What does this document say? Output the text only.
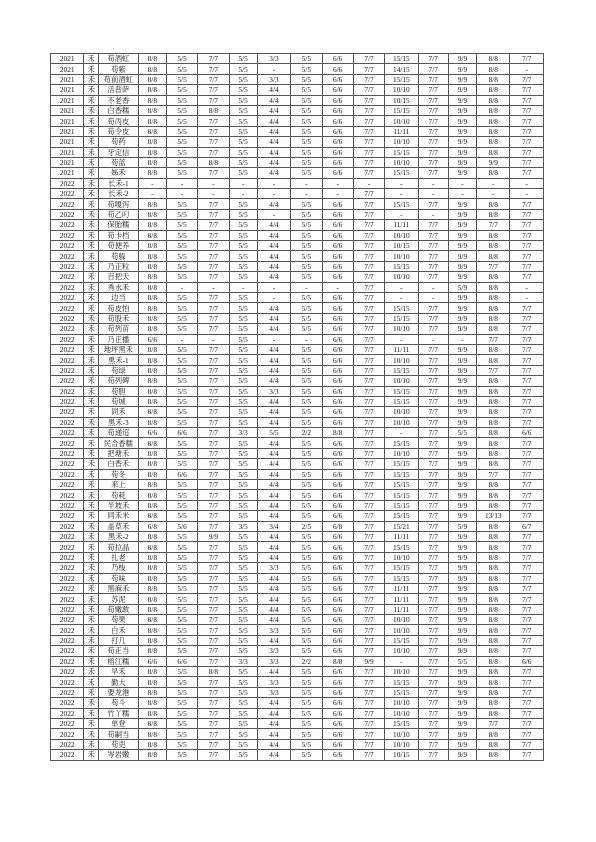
2021	禾	苟酒虹	8/8	5/5	7/7	5/5	3/3	5/5	6/6	7/7	15/15	7/7	9/9	8/8	7/7
2021	禾	苟紫	8/8	5/5	7/7	5/5	-	5/5	6/6	7/7	14/15	7/7	9/9	8/8	-
2021	禾	苟前酒虹	8/8	5/5	7/7	5/5	3/3	5/5	6/6	7/7	15/15	7/7	9/9	8/8	7/7
2021	禾	活普萨	8/8	5/5	7/7	5/5	4/4	5/5	6/6	7/7	10/10	7/7	9/9	8/8	7/7
2021	禾	不老香	8/8	5/5	7/7	5/5	4/4	5/5	6/6	7/7	10/15	7/7	9/9	8/8	7/7
2021	禾	白香糯	8/8	5/5	8/8	5/5	4/4	5/5	6/6	7/7	15/15	7/7	9/9	8/8	7/7
2021	禾	苟丙皮	8/8	5/5	7/7	5/5	4/4	5/5	6/6	7/7	10/10	7/7	9/9	8/8	7/7
2021	禾	苟令皮	8/8	5/5	7/7	5/5	4/4	5/5	6/6	7/7	11/11	7/7	9/9	8/8	7/7
2021	禾	苟药	8/8	5/5	7/7	5/5	4/4	5/5	6/6	7/7	10/10	7/7	9/9	8/8	7/7
2021	禾	牙定信	8/8	5/5	7/7	5/5	4/4	5/5	6/6	7/7	15/15	7/7	9/9	8/8	7/7
2021	禾	苟蓝	8/8	5/5	8/8	5/5	4/4	5/5	6/6	7/7	10/10	7/7	9/9	9/9	7/7
2021	禾	姊禾	8/8	5/5	7/7	5/5	4/4	5/5	6/6	7/7	15/15	7/7	9/9	8/8	7/7
2022	禾	长禾-1	-	-	-	-	-	-	-	-	-	-	-	-	-
2022	禾	长禾-2	-	-	-	-	-	-	-	7/7	-	-	-	-	-
2022	禾	苟嗄泻	8/8	5/5	7/7	5/5	4/4	5/5	6/6	7/7	15/15	7/7	9/9	8/8	7/7
2022	禾	苟乙叼	8/8	5/5	7/7	5/5	-	5/5	6/6	7/7	-	-	9/9	8/8	7/7
2022	禾	保胎糯	8/8	5/5	7/7	5/5	4/4	5/5	6/6	7/7	11/11	7/7	9/9	7/7	7/7
2022	禾	苟卡档	8/8	5/5	7/7	5/5	4/4	5/5	6/6	7/7	10/10	7/7	9/9	8/8	7/7
2022	禾	苟便养	8/8	5/5	7/7	5/5	4/4	5/5	6/6	7/7	10/15	7/7	9/9	8/8	7/7
2022	禾	苟躲	8/8	5/5	7/7	5/5	4/4	5/5	6/6	7/7	10/10	7/7	9/9	8/8	7/7
2022	禾	乃正粒	8/8	5/5	7/7	5/5	4/4	5/5	6/6	7/7	15/15	7/7	9/9	7/7	7/7
2022	禾	百把天	8/8	5/5	7/7	5/5	4/4	5/5	6/6	7/7	10/10	7/7	9/9	8/8	7/7
2022	禾	秀水禾	8/8	-	-	-	-	-	-	7/7	-	-	5/9	8/8	-
2022	禾	边当	8/8	5/5	7/7	5/5	-	5/5	6/6	7/7	-	-	9/9	8/8	-
2022	禾	苟皮怕	8/8	5/5	7/7	5/5	4/4	5/5	6/6	7/7	15/15	7/7	9/9	8/8	7/7
2022	禾	苟股禾	8/8	5/5	7/7	5/5	4/4	5/5	6/6	7/7	15/15	7/7	9/9	8/8	7/7
2022	禾	苟列苗	8/8	5/5	7/7	5/5	4/4	5/5	6/6	7/7	10/10	7/7	9/9	8/8	7/7
2022	禾	乃正播	6/6	-	-	5/5	-	-	6/6	7/7	-	-	-	7/7	7/7
2022	禾	地坪黑禾	8/8	5/5	7/7	5/5	4/4	5/5	6/6	7/7	11/11	7/7	9/9	8/8	7/7
2022	禾	黑禾-1	8/8	5/5	7/7	5/5	4/4	5/5	6/6	7/7	10/10	7/7	9/9	8/8	7/7
2022	禾	苟绿	8/8	5/5	7/7	5/5	4/4	5/5	6/6	7/7	15/15	7/7	9/9	7/7	7/7
2022	禾	苟列碑	8/8	5/5	7/7	5/5	4/4	5/5	6/6	7/7	10/10	7/7	9/9	8/8	7/7
2022	禾	苟胆	8/8	5/5	7/7	5/5	3/3	5/5	6/6	7/7	15/15	7/7	9/9	8/8	7/7
2022	禾	苟城	8/8	5/5	7/7	5/5	4/4	5/5	6/6	7/7	15/15	7/7	9/9	8/8	7/7
2022	禾	同禾	8/8	5/5	7/7	5/5	4/4	5/5	6/6	7/7	10/10	7/7	9/9	8/8	7/7
2022	禾	黑禾-3	8/8	5/5	7/7	5/5	4/4	5/5	6/6	7/7	10/10	7/7	9/9	8/8	7/7
2022	禾	苟递迢	6/6	6/6	7/7	3/3	5/5	2/2	8/8	7/7	-	7/7	5/5	8/8	6/6
2022	禾	民合香糯	8/8	5/5	7/7	5/5	4/4	5/5	6/6	7/7	15/15	7/7	9/9	8/8	7/7
2022	禾	把塘禾	8/8	5/5	7/7	5/5	4/4	5/5	6/6	7/7	10/10	7/7	9/9	8/8	7/7
2022	禾	白香禾	8/8	5/5	7/7	5/5	4/4	5/5	6/6	7/7	15/15	7/7	9/9	8/8	7/7
2022	禾	苟冬	8/8	6/6	7/7	5/5	4/4	5/5	6/6	7/7	15/15	7/7	9/9	7/7	7/7
2022	禾	来上	8/8	5/5	7/7	5/5	4/4	5/5	6/6	7/7	15/15	7/7	9/9	8/8	7/7
2022	禾	苟耗	8/8	5/5	7/7	5/5	4/4	5/5	6/6	7/7	15/15	7/7	9/9	8/8	7/7
2022	禾	半坡禾	8/8	5/5	7/7	5/5	4/4	5/5	6/6	7/7	15/15	7/7	9/9	8/8	7/7
2022	禾	同禾米	8/8	5/5	7/7	5/5	4/4	5/5	6/6	7/7	15/15	7/7	9/9	13/13	7/7
2022	禾	盖草禾	6/8	5/6	7/7	3/5	3/4	2/5	6/8	7/7	15/21	7/7	5/9	8/8	6/7
2022	禾	黑禾-2	8/8	5/5	9/9	5/5	4/4	5/5	6/6	7/7	11/11	7/7	9/9	8/8	7/7
2022	禾	苟拉晶	8/8	5/5	7/7	5/5	4/4	5/5	6/6	7/7	15/15	7/7	9/9	8/8	7/7
2022	禾	扎老	8/8	5/5	7/7	5/5	4/4	5/5	6/6	7/7	10/10	7/7	9/9	8/8	7/7
2022	禾	乃梭	8/8	5/5	7/7	5/5	3/3	5/5	6/6	7/7	15/15	7/7	9/9	8/8	7/7
2022	禾	苟味	8/8	5/5	7/7	5/5	4/4	5/5	6/6	7/7	15/15	7/7	9/9	8/8	7/7
2022	禾	黑麻禾	8/8	5/5	7/7	5/5	4/4	5/5	6/6	7/7	11/11	7/7	9/9	8/8	7/7
2022	禾	苏泥	8/8	5/5	7/7	5/5	4/4	5/5	6/6	7/7	11/11	7/7	9/9	8/8	7/7
2022	禾	苟嫩敢	8/8	5/5	7/7	5/5	4/4	5/5	6/6	7/7	11/11	7/7	9/9	8/8	7/7
2022	禾	苟果	8/8	5/5	7/7	5/5	4/4	5/5	6/6	7/7	10/10	7/7	9/9	8/8	7/7
2022	禾	白禾	8/8	5/5	7/7	5/5	3/3	5/5	6/6	7/7	10/10	7/7	9/9	8/8	7/7
2022	禾	打几	8/8	5/5	7/7	5/5	4/4	5/5	6/6	7/7	15/15	7/7	9/9	8/8	7/7
2022	禾	苟正当	8/8	5/5	7/7	5/5	3/3	5/5	6/6	7/7	10/10	7/7	9/9	8/8	7/7
2022	禾	榕江糯	6/6	6/6	7/7	3/3	3/3	2/2	8/8	9/9	-	7/7	5/5	8/8	6/6
2022	禾	旱禾	8/8	5/5	8/8	5/5	4/4	5/5	6/6	7/7	10/10	7/7	9/9	8/8	7/7
2022	禾	勤大	8/8	5/5	7/7	5/5	3/3	5/5	6/6	7/7	15/15	7/7	9/9	8/8	7/7
2022	禾	要龙港	8/8	5/5	7/7	5/5	3/3	5/5	6/6	7/7	15/15	7/7	9/9	8/8	7/7
2022	禾	苟斗	8/8	5/5	7/7	5/5	4/4	5/5	6/6	7/7	10/10	7/7	9/9	8/8	7/7
2022	禾	竹丫糯	8/8	5/5	7/7	5/5	4/4	5/5	6/6	7/7	10/10	7/7	9/9	8/8	7/7
2022	禾	单登	8/8	5/5	7/7	5/5	4/4	5/5	6/6	7/7	15/15	7/7	9/9	7/7	7/7
2022	禾	苟嗣当	8/8	5/5	7/7	5/5	4/4	5/5	6/6	7/7	10/10	7/7	9/9	8/8	7/7
2022	禾	苟吏	8/8	5/5	7/7	5/5	4/4	5/5	6/6	7/7	10/10	7/7	9/9	8/8	7/7
2022	禾	岑岩嫩	8/8	5/5	7/7	5/5	4/4	5/5	6/6	7/7	10/15	7/7	9/9	8/8	7/7
